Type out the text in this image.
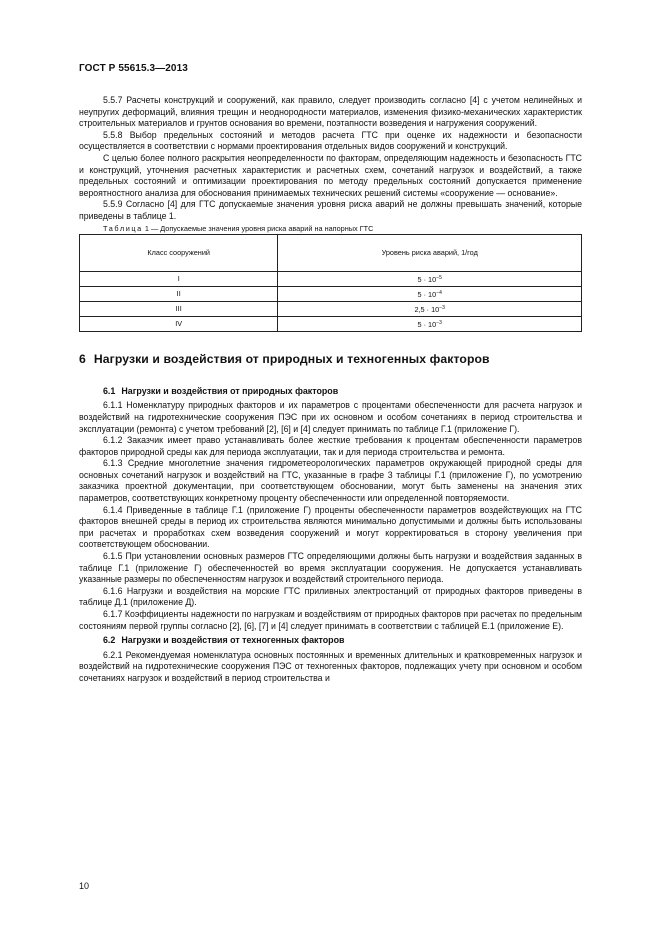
ГОСТ Р 55615.3—2013

5.5.7 Расчеты конструкций и сооружений, как правило, следует производить согласно [4] с учетом нелинейных и неупругих деформаций, влияния трещин и неоднородности материалов, изменения физико-механических характеристик строительных материалов и грунтов основания во времени, поэтапности возведения и нагружения сооружений.

5.5.8 Выбор предельных состояний и методов расчета ГТС при оценке их надежности и безопасности осуществляется в соответствии с нормами проектирования отдельных видов сооружений и конструкций.

С целью более полного раскрытия неопределенности по факторам, определяющим надежность и безопасность ГТС и конструкций, уточнения расчетных характеристик и расчетных схем, сочетаний нагрузок и воздействий, а также предельных состояний и оптимизации проектирования по методу предельных состояний допускается применение вероятностного анализа для обоснования принимаемых технических решений системы «сооружение — основание».

5.5.9 Согласно [4] для ГТС допускаемые значения уровня риска аварий не должны превышать значений, которые приведены в таблице 1.

Таблица 1 — Допускаемые значения уровня риска аварий на напорных ГТС

Класс сооружений	Уровень риска аварий, 1/год
I	$5 \cdot 10^{-5}$
II	$5 \cdot 10^{-4}$
III	$2,5 \cdot 10^{-3}$
IV	$5 \cdot 10^{-3}$
6 Нагрузки и воздействия от природных и техногенных факторов
6.1 Нагрузки и воздействия от природных факторов

6.1.1 Номенклатуру природных факторов и их параметров с процентами обеспеченности для расчета нагрузок и воздействий на гидротехнические сооружения ПЭС при их основном и особом сочетаниях в период строительства и эксплуатации (ремонта) с учетом требований [2], [6] и [4] следует принимать по таблице Г.1 (приложение Г).

6.1.2 Заказчик имеет право устанавливать более жесткие требования к процентам обеспеченности параметров факторов природной среды как для периода эксплуатации, так и для периода строительства и ремонта.

6.1.3 Средние многолетние значения гидрометеорологических параметров окружающей природной среды для основных сочетаний нагрузок и воздействий на ГТС, указанные в графе 3 таблицы Г.1 (приложение Г), по усмотрению заказчика проектной документации, при соответствующем обосновании, могут быть заменены на значения этих параметров, соответствующих конкретному проценту обеспеченности или определенной повторяемости.

6.1.4 Приведенные в таблице Г.1 (приложение Г) проценты обеспеченности параметров воздействующих на ГТС факторов внешней среды в период их строительства являются минимально допустимыми и должны быть использованы при расчетах и проработках схем возведения сооружений и могут корректироваться в сторону увеличения при соответствующем обосновании.

6.1.5 При установлении основных размеров ГТС определяющими должны быть нагрузки и воздействия заданных в таблице Г.1 (приложение Г) обеспеченностей во время эксплуатации сооружения. Не допускается устанавливать указанные размеры по обеспеченностям нагрузок и воздействий строительного периода.

6.1.6 Нагрузки и воздействия на морские ГТС приливных электростанций от природных факторов приведены в таблице Д.1 (приложение Д).

6.1.7 Коэффициенты надежности по нагрузкам и воздействиям от природных факторов при расчетах по предельным состояниям первой группы согласно [2], [6], [7] и [4] следует принимать в соответствии с таблицей Е.1 (приложение Е).

6.2 Нагрузки и воздействия от техногенных факторов

6.2.1 Рекомендуемая номенклатура основных постоянных и временных длительных и кратковременных нагрузок и воздействий на гидротехнические сооружения ПЭС от техногенных факторов, подлежащих учету при основном и особом сочетаниях нагрузок и воздействий в период строительства и

10
